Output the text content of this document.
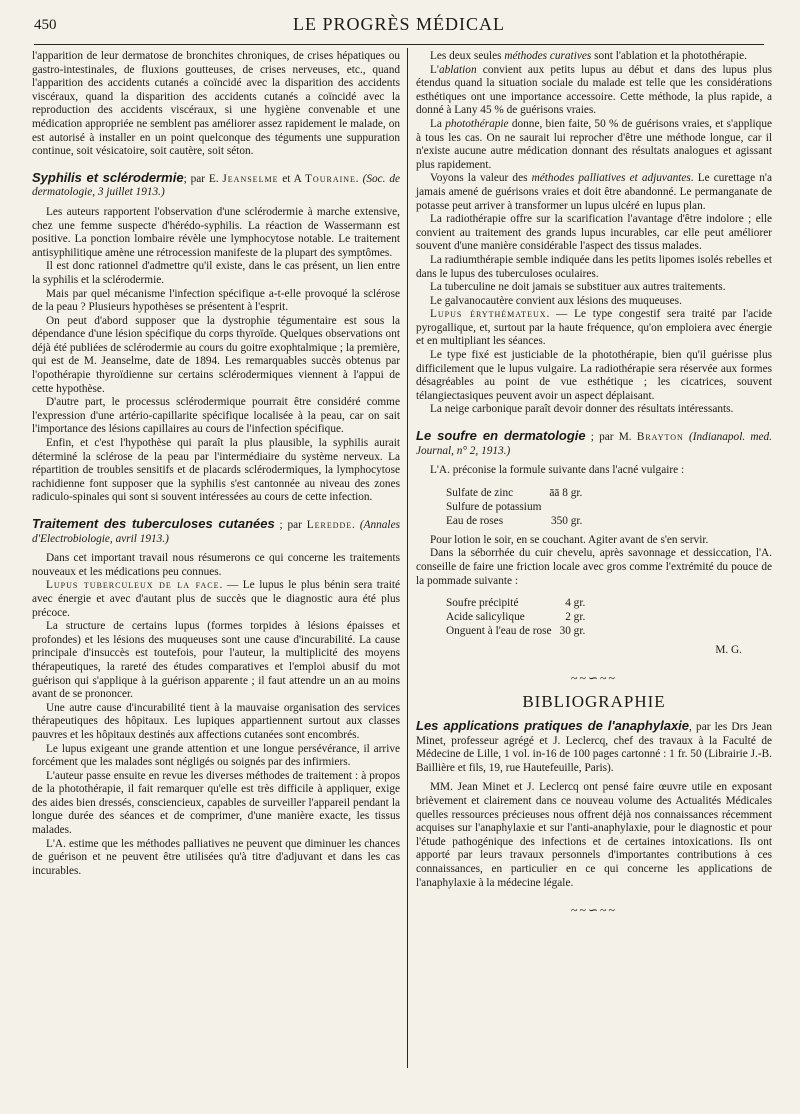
450	LE PROGRÈS MÉDICAL

l'apparition de leur dermatose de bronchites chroniques, de crises hépatiques ou gastro-intestinales, de fluxions goutteuses, de crises nerveuses, etc., quand l'apparition des accidents cutanés a coïncidé avec la disparition des accidents viscéraux, quand la disparition des accidents cutanés a coïncidé avec la reproduction des accidents viscéraux, si une hygiène convenable et une médication appropriée ne semblent pas améliorer assez rapidement le malade, on est autorisé à installer en un point quelconque des téguments une suppuration continue, soit vésicatoire, soit cautère, soit séton.

Syphilis et sclérodermie; par E. Jeanselme et A Touraine. (Soc. de dermatologie, 3 juillet 1913.)

Les auteurs rapportent l'observation d'une sclérodermie à marche extensive, chez une femme suspecte d'hérédo-syphilis. La réaction de Wassermann est positive. La ponction lombaire révèle une lymphocytose notable. Le traitement antisyphilitique amène une rétrocession manifeste de la plupart des symptômes.

Il est donc rationnel d'admettre qu'il existe, dans le cas présent, un lien entre la syphilis et la sclérodermie.

Mais par quel mécanisme l'infection spécifique a-t-elle provoqué la sclérose de la peau ? Plusieurs hypothèses se présentent à l'esprit.

On peut d'abord supposer que la dystrophie tégumentaire est sous la dépendance d'une lésion spécifique du corps thyroïde. Quelques observations ont déjà été publiées de sclérodermie au cours du goitre exophtalmique ; la première, qui est de M. Jeanselme, date de 1894. Les remarquables succès obtenus par l'opothérapie thyroïdienne sur certains sclérodermiques viennent à l'appui de cette hypothèse.

D'autre part, le processus sclérodermique pourrait être considéré comme l'expression d'une artério-capillarite spécifique localisée à la peau, car on sait l'importance des lésions capillaires au cours de l'infection spécifique.

Enfin, et c'est l'hypothèse qui paraît la plus plausible, la syphilis aurait déterminé la sclérose de la peau par l'intermédiaire du système nerveux. La répartition de troubles sensitifs et de placards sclérodermiques, la lymphocytose rachidienne font supposer que la syphilis s'est cantonnée au niveau des zones radiculo-spinales qui sont si souvent intéressées au cours de cette infection.

Traitement des tuberculoses cutanées ; par Leredde. (Annales d'Electrobiologie, avril 1913.)

Dans cet important travail nous résumerons ce qui concerne les traitements nouveaux et les médications peu connues.

Lupus tuberculeux de la face. — Le lupus le plus bénin sera traité avec énergie et avec d'autant plus de succès que le diagnostic aura été plus précoce.

La structure de certains lupus (formes torpides à lésions épaisses et profondes) et les lésions des muqueuses sont une cause d'incurabilité. La cause principale d'insuccès est toutefois, pour l'auteur, la multiplicité des moyens thérapeutiques, la rareté des études comparatives et l'emploi abusif du mot guérison qui s'applique à la guérison apparente ; il faut attendre un an au moins avant de se prononcer.

Une autre cause d'incurabilité tient à la mauvaise organisation des services thérapeutiques des hôpitaux. Les lupiques appartiennent surtout aux classes pauvres et les hôpitaux destinés aux affections cutanées sont encombrés.

Le lupus exigeant une grande attention et une longue persévérance, il arrive forcément que les malades sont négligés ou soignés par des infirmiers.

L'auteur passe ensuite en revue les diverses méthodes de traitement : à propos de la photothérapie, il fait remarquer qu'elle est très difficile à appliquer, exige des aides bien dressés, consciencieux, capables de surveiller l'appareil pendant la longue durée des séances et de comprimer, d'une manière exacte, les tissus malades.

L'A. estime que les méthodes palliatives ne peuvent que diminuer les chances de guérison et ne peuvent être utilisées qu'à titre d'adjuvant et dans les cas incurables.

Les deux seules méthodes curatives sont l'ablation et la photothérapie.

L'ablation convient aux petits lupus au début et dans des lupus plus étendus quand la situation sociale du malade est telle que les considérations esthétiques ont une importance accessoire. Cette méthode, la plus rapide, a donné à Lany 45 % de guérisons vraies.

La photothérapie donne, bien faite, 50 % de guérisons vraies, et s'applique à tous les cas. On ne saurait lui reprocher d'être une méthode longue, car il n'existe aucune autre médication donnant des résultats analogues et agissant plus rapidement.

Voyons la valeur des méthodes palliatives et adjuvantes. Le curettage n'a jamais amené de guérisons vraies et doit être abandonné. Le permanganate de potasse peut arriver à transformer un lupus ulcéré en lupus plan.

La radiothérapie offre sur la scarification l'avantage d'être indolore ; elle convient au traitement des grands lupus incurables, car elle peut améliorer souvent d'une manière considérable l'aspect des tissus malades.

La radiumthérapie semble indiquée dans les petits lipomes isolés rebelles et dans le lupus des tuberculoses oculaires.

La tuberculine ne doit jamais se substituer aux autres traitements.

Le galvanocautère convient aux lésions des muqueuses.

Lupus érythémateux. — Le type congestif sera traité par l'acide pyrogallique, et, surtout par la haute fréquence, qu'on emploiera avec énergie et en multipliant les séances.

Le type fixé est justiciable de la photothérapie, bien qu'il guérisse plus difficilement que le lupus vulgaire. La radiothérapie sera réservée aux formes désagréables au point de vue esthétique ; les cicatrices, souvent télangiectasiques peuvent avoir un aspect déplaisant.

La neige carbonique paraît devoir donner des résultats intéressants.

Le soufre en dermatologie ; par M. Brayton (Indianapol. med. Journal, n° 2, 1913.)

L'A. préconise la formule suivante dans l'acné vulgaire :

Sulfate de zinc	āā 8 gr.
Sulfure de potassium	
Eau de roses	350 gr.

Pour lotion le soir, en se couchant. Agiter avant de s'en servir.

Dans la séborrhée du cuir chevelu, après savonnage et dessiccation, l'A. conseille de faire une friction locale avec gros comme l'extrémité du pouce de la pommade suivante :

Soufre précipité	4 gr.
Acide salicylique	2 gr.
Onguent à l'eau de rose	30 gr.
M. G.
~~∽~~
BIBLIOGRAPHIE

Les applications pratiques de l'anaphylaxie, par les Drs Jean Minet, professeur agrégé et J. Leclercq, chef des travaux à la Faculté de Médecine de Lille, 1 vol. in-16 de 100 pages cartonné : 1 fr. 50 (Librairie J.-B. Baillière et fils, 19, rue Hautefeuille, Paris).

MM. Jean Minet et J. Leclercq ont pensé faire œuvre utile en exposant brièvement et clairement dans ce nouveau volume des Actualités Médicales quelles ressources précieuses nous offrent déjà nos connaissances récemment acquises sur l'anaphylaxie et sur l'anti-anaphylaxie, pour le diagnostic et pour l'étude pathogénique des infections et de certaines intoxications. Ils ont apporté par leurs travaux personnels d'importantes contributions à ces connaissances, en particulier en ce qui concerne les applications de l'anaphylaxie à la médecine légale.

~~∽~~
